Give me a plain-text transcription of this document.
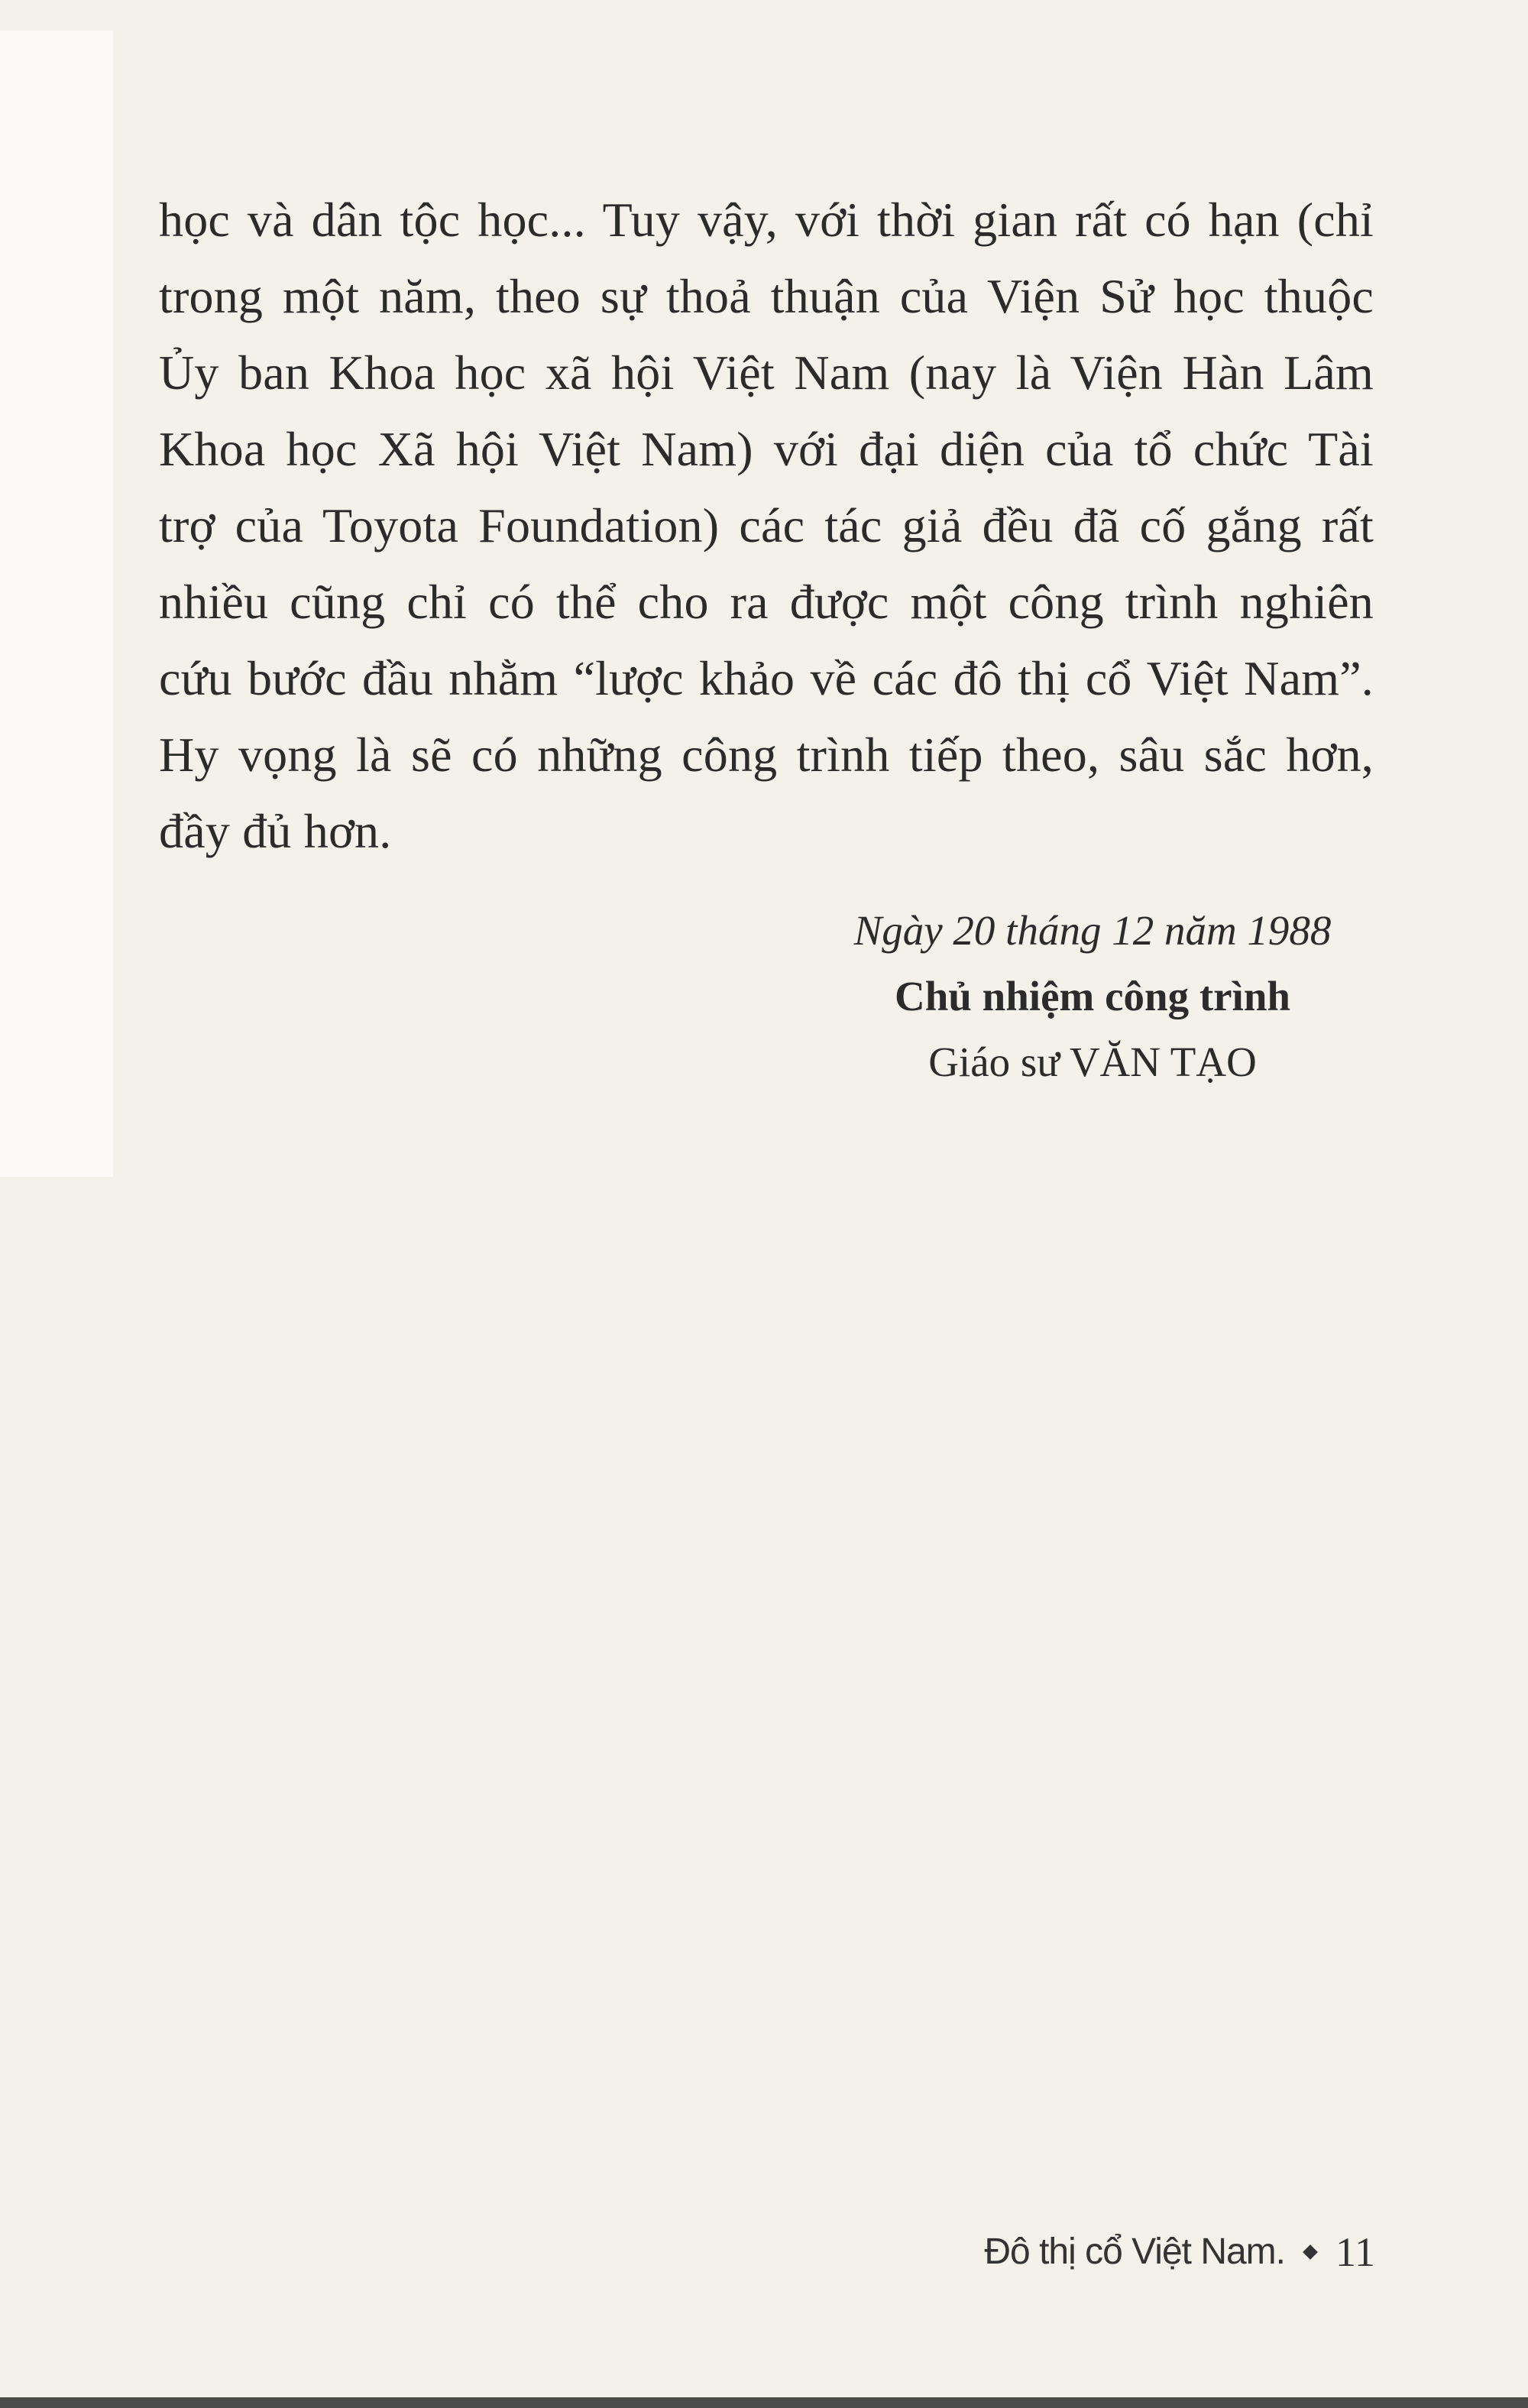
học và dân tộc học... Tuy vậy, với thời gian rất có hạn (chỉ
trong một năm, theo sự thoả thuận của Viện Sử học thuộc
Ủy ban Khoa học xã hội Việt Nam (nay là Viện Hàn Lâm
Khoa học Xã hội Việt Nam) với đại diện của tổ chức Tài
trợ của Toyota Foundation) các tác giả đều đã cố gắng rất
nhiều cũng chỉ có thể cho ra được một công trình nghiên
cứu bước đầu nhằm “lược khảo về các đô thị cổ Việt Nam”.
Hy vọng là sẽ có những công trình tiếp theo, sâu sắc hơn,
đầy đủ hơn.
Ngày 20 tháng 12 năm 1988
Chủ nhiệm công trình
Giáo sư VĂN TẠO
Đô thị cổ Việt Nam. 11
